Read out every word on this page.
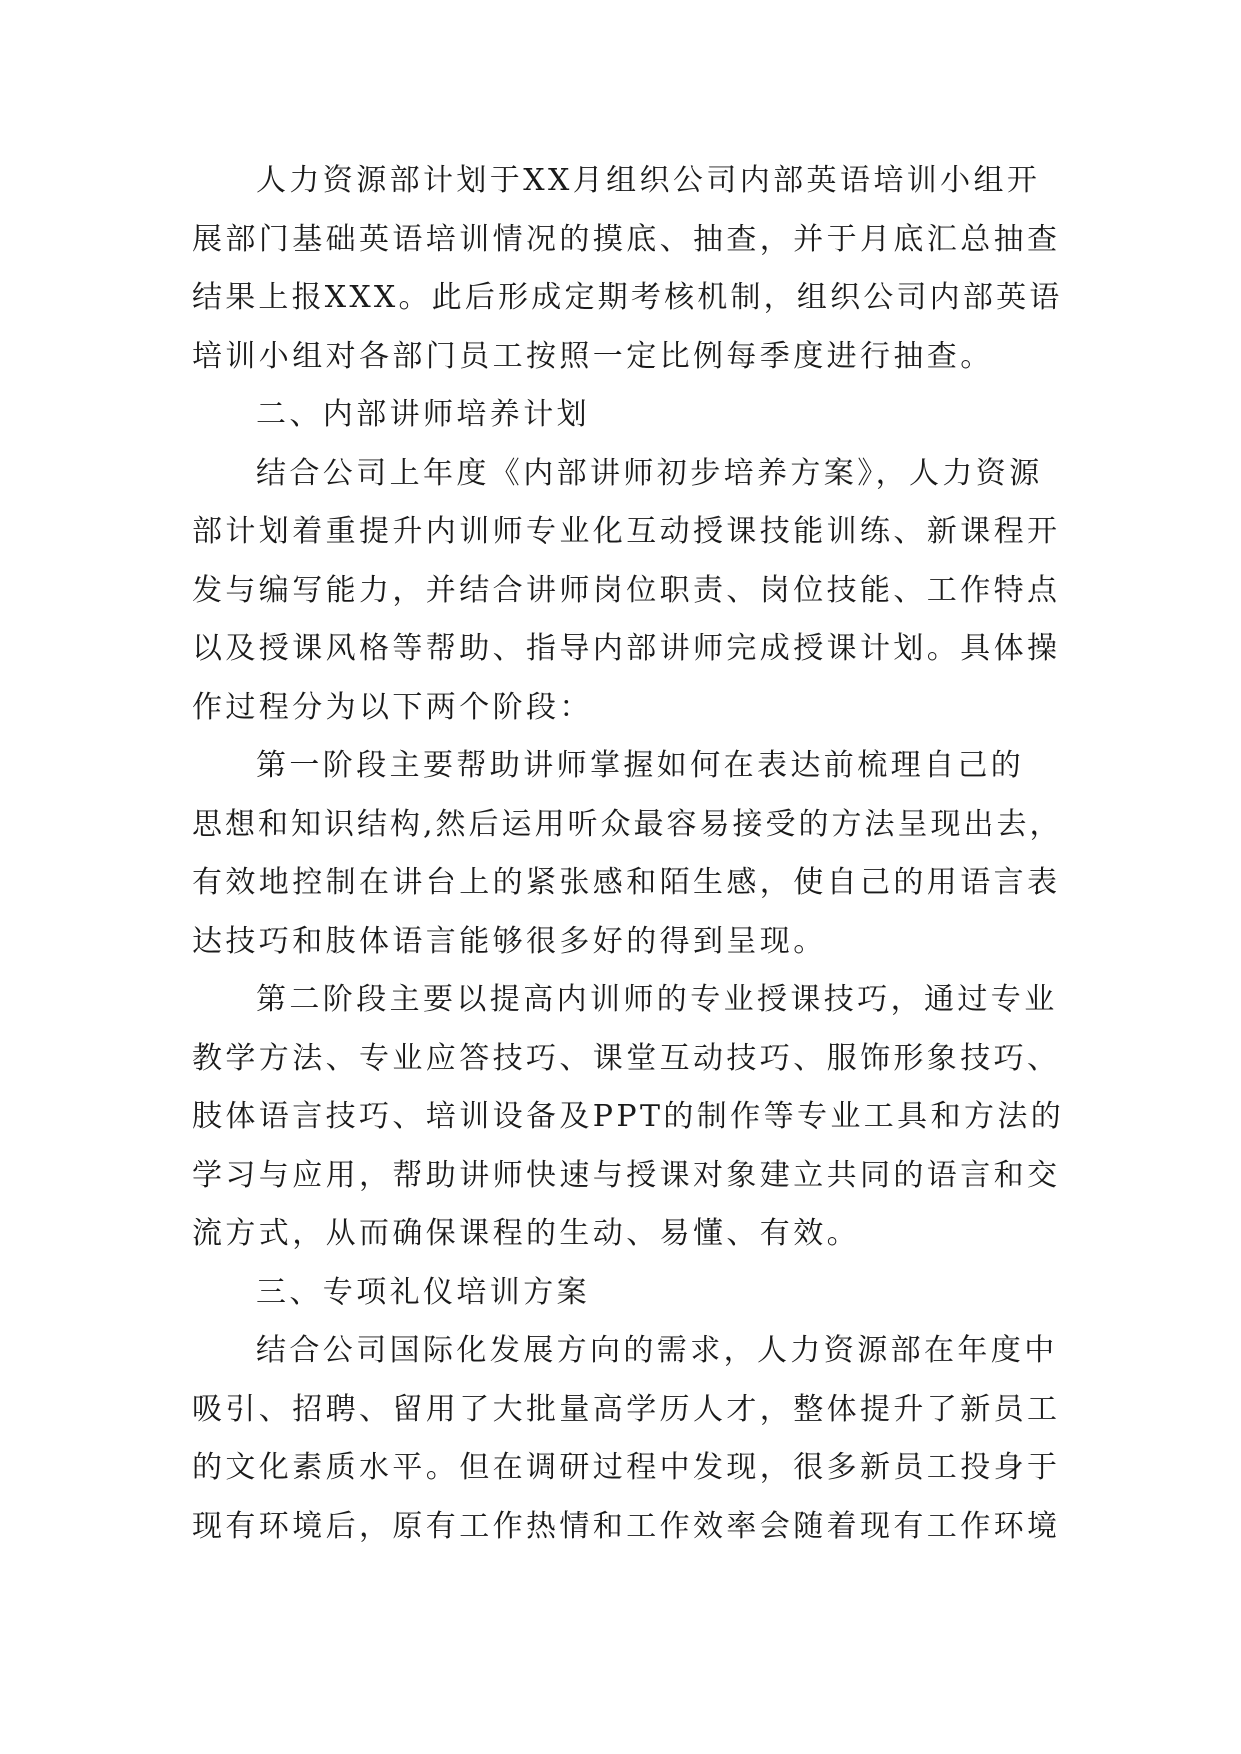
人力资源部计划于XX月组织公司内部英语培训小组开
展部门基础英语培训情况的摸底、抽查，并于月底汇总抽查
结果上报XXX。此后形成定期考核机制，组织公司内部英语
培训小组对各部门员工按照一定比例每季度进行抽查。

二、内部讲师培养计划

结合公司上年度《内部讲师初步培养方案》，人力资源
部计划着重提升内训师专业化互动授课技能训练、新课程开
发与编写能力，并结合讲师岗位职责、岗位技能、工作特点
以及授课风格等帮助、指导内部讲师完成授课计划。具体操
作过程分为以下两个阶段：

第一阶段主要帮助讲师掌握如何在表达前梳理自己的
思想和知识结构,然后运用听众最容易接受的方法呈现出去，
有效地控制在讲台上的紧张感和陌生感，使自己的用语言表
达技巧和肢体语言能够很多好的得到呈现。

第二阶段主要以提高内训师的专业授课技巧，通过专业
教学方法、专业应答技巧、课堂互动技巧、服饰形象技巧、
肢体语言技巧、培训设备及PPT的制作等专业工具和方法的
学习与应用，帮助讲师快速与授课对象建立共同的语言和交
流方式，从而确保课程的生动、易懂、有效。

三、专项礼仪培训方案

结合公司国际化发展方向的需求，人力资源部在年度中
吸引、招聘、留用了大批量高学历人才，整体提升了新员工
的文化素质水平。但在调研过程中发现，很多新员工投身于
现有环境后，原有工作热情和工作效率会随着现有工作环境
